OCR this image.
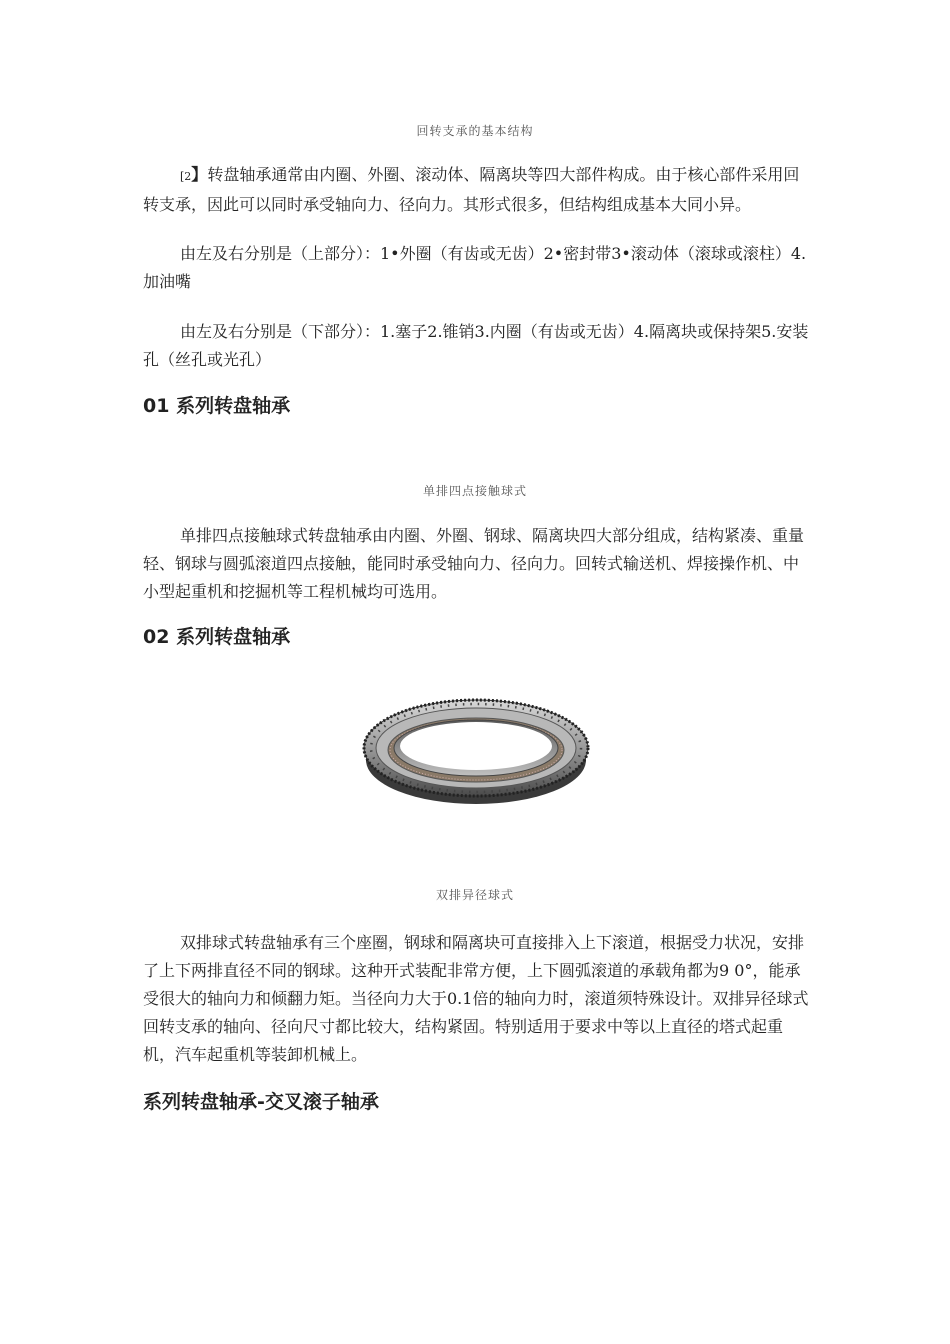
回转支承的基本结构

[2】转盘轴承通常由内圈、外圈、滚动体、隔离块等四大部件构成。由于核心部件采用回转支承，因此可以同时承受轴向力、径向力。其形式很多，但结构组成基本大同小异。

由左及右分别是（上部分）：1•外圈（有齿或无齿）2•密封带3•滚动体（滚球或滚柱）4.加油嘴

由左及右分别是（下部分）：1.塞子2.锥销3.内圈（有齿或无齿）4.隔离块或保持架5.安装孔（丝孔或光孔）

01 系列转盘轴承
单排四点接触球式

单排四点接触球式转盘轴承由内圈、外圈、钢球、隔离块四大部分组成，结构紧凑、重量轻、钢球与圆弧滚道四点接触，能同时承受轴向力、径向力。回转式输送机、焊接操作机、中小型起重机和挖掘机等工程机械均可选用。

02 系列转盘轴承
双排异径球式

双排球式转盘轴承有三个座圈，钢球和隔离块可直接排入上下滚道，根据受力状况，安排了上下两排直径不同的钢球。这种开式装配非常方便，上下圆弧滚道的承载角都为9 0°，能承受很大的轴向力和倾翻力矩。当径向力大于0.1倍的轴向力时，滚道须特殊设计。双排异径球式回转支承的轴向、径向尺寸都比较大，结构紧固。特别适用于要求中等以上直径的塔式起重机，汽车起重机等装卸机械上。

系列转盘轴承-交叉滚子轴承
